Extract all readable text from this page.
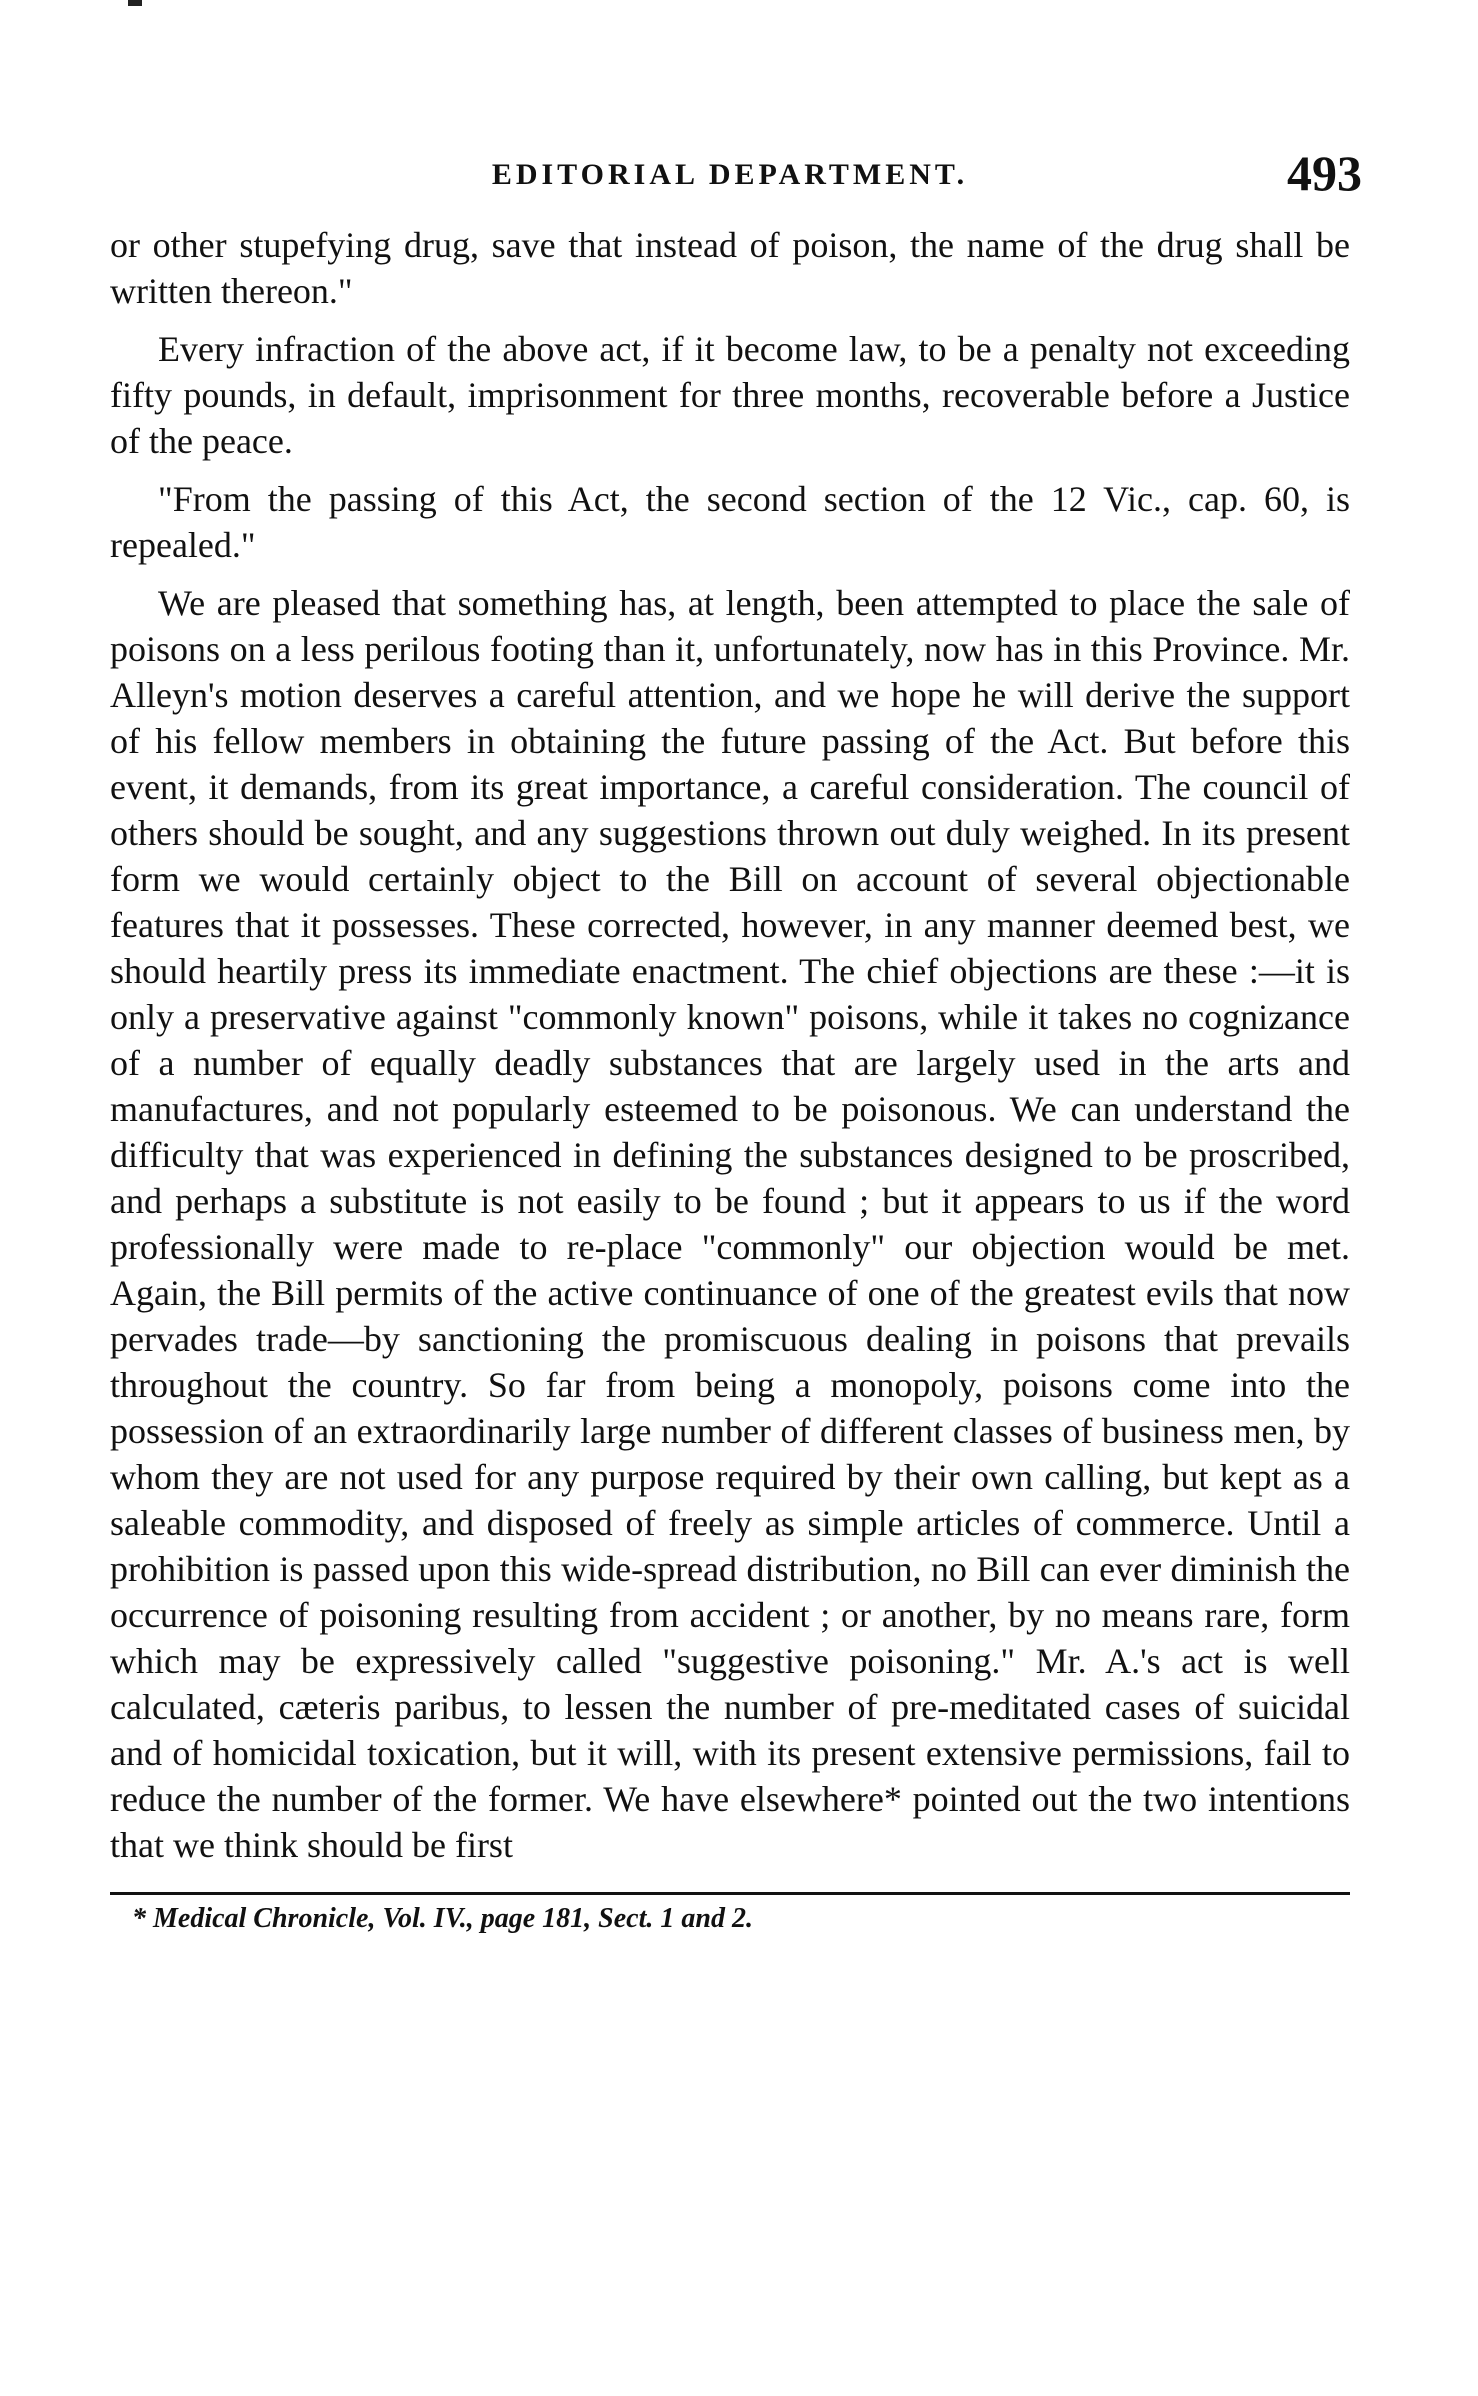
EDITORIAL DEPARTMENT.	493

or other stupefying drug, save that instead of poison, the name of the drug shall be written thereon."

Every infraction of the above act, if it become law, to be a penalty not exceeding fifty pounds, in default, imprisonment for three months, recoverable before a Justice of the peace.

"From the passing of this Act, the second section of the 12 Vic., cap. 60, is repealed."

We are pleased that something has, at length, been attempted to place the sale of poisons on a less perilous footing than it, unfortunately, now has in this Province. Mr. Alleyn's motion deserves a careful attention, and we hope he will derive the support of his fellow members in obtaining the future passing of the Act. But before this event, it demands, from its great importance, a careful consideration. The council of others should be sought, and any suggestions thrown out duly weighed. In its present form we would certainly object to the Bill on account of several objectionable features that it possesses. These corrected, however, in any manner deemed best, we should heartily press its immediate enactment. The chief objections are these :—it is only a preservative against "commonly known" poisons, while it takes no cognizance of a number of equally deadly substances that are largely used in the arts and manufactures, and not popularly esteemed to be poisonous. We can understand the difficulty that was experienced in defining the substances designed to be proscribed, and perhaps a substitute is not easily to be found ; but it appears to us if the word professionally were made to re-place "commonly" our objection would be met. Again, the Bill permits of the active continuance of one of the greatest evils that now pervades trade—by sanctioning the promiscuous dealing in poisons that prevails throughout the country. So far from being a monopoly, poisons come into the possession of an extraordinarily large number of different classes of business men, by whom they are not used for any purpose required by their own calling, but kept as a saleable commodity, and disposed of freely as simple articles of commerce. Until a prohibition is passed upon this wide-spread distribution, no Bill can ever diminish the occurrence of poisoning resulting from accident ; or another, by no means rare, form which may be expressively called "suggestive poisoning." Mr. A.'s act is well calculated, cæteris paribus, to lessen the number of pre-meditated cases of suicidal and of homicidal toxication, but it will, with its present extensive permissions, fail to reduce the number of the former. We have elsewhere* pointed out the two intentions that we think should be first

* Medical Chronicle, Vol. IV., page 181, Sect. 1 and 2.
